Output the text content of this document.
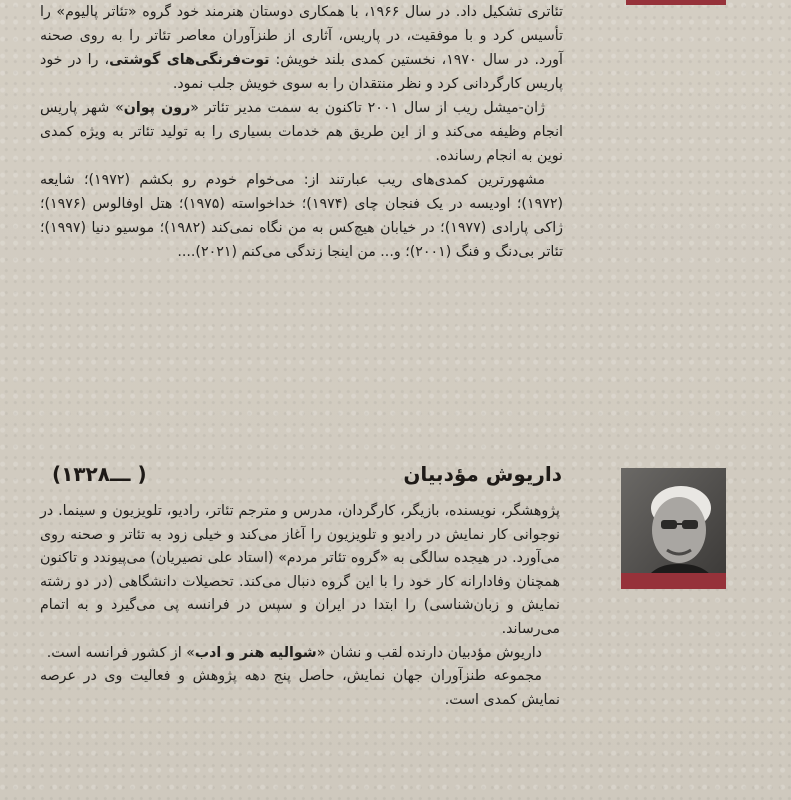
تئاتری تشکیل داد. در سال ۱۹۶۶، با همکاری دوستان هنرمند خود گروه «تئاتر پالیوم» را تأسیس کرد و با موفقیت، در پاریس، آثاری از طنزآوران معاصر تئاتر را به روی صحنه آورد. در سال ۱۹۷۰، نخستین کمدی بلند خویش: توت‌فرنگی‌های گوشتی، را در خود پاریس کارگردانی کرد و نظر منتقدان را به سوی خویش جلب نمود.

ژان-میشل ریب از سال ۲۰۰۱ تاکنون به سمت مدیر تئاتر «رون پوان» شهر پاریس انجام وظیفه می‌کند و از این طریق هم خدمات بسیاری را به تولید تئاتر به ویژه کمدی نوین به انجام رسانده.

مشهورترین کمدی‌های ریب عبارتند از: می‌خوام خودم رو بکشم (۱۹۷۲)؛ شایعه (۱۹۷۲)؛ اودیسه در یک فنجان چای (۱۹۷۴)؛ خداخواسته (۱۹۷۵)؛ هتل اوفالوس (۱۹۷۶)؛ ژاکی پارادی (۱۹۷۷)؛ در خیابان هیچ‌کس به من نگاه نمی‌کند (۱۹۸۲)؛ موسیو دنیا (۱۹۹۷)؛ تئاتر بی‌دنگ و فنگ (۲۰۰۱)؛ و... من اینجا زندگی می‌کنم (۲۰۲۱)....

داریوش مؤدبیان
(۱۳۲۸ـــ )

پژوهشگر، نویسنده، بازیگر، کارگردان، مدرس و مترجم تئاتر، رادیو، تلویزیون و سینما. در نوجوانی کار نمایش در رادیو و تلویزیون را آغاز می‌کند و خیلی زود به تئاتر و صحنه روی می‌آورد. در هیجده سالگی به «گروه تئاتر مردم» (استاد علی نصیریان) می‌پیوندد و تاکنون همچنان وفادارانه کار خود را با این گروه دنبال می‌کند. تحصیلات دانشگاهی (در دو رشته نمایش و زبان‌شناسی) را ابتدا در ایران و سپس در فرانسه پی می‌گیرد و به اتمام می‌رساند.

داریوش مؤدبیان دارنده لقب و نشان «شوالیه هنر و ادب» از کشور فرانسه است.

مجموعه طنزآوران جهان نمایش، حاصل پنج دهه پژوهش و فعالیت وی در عرصه نمایش کمدی است.
